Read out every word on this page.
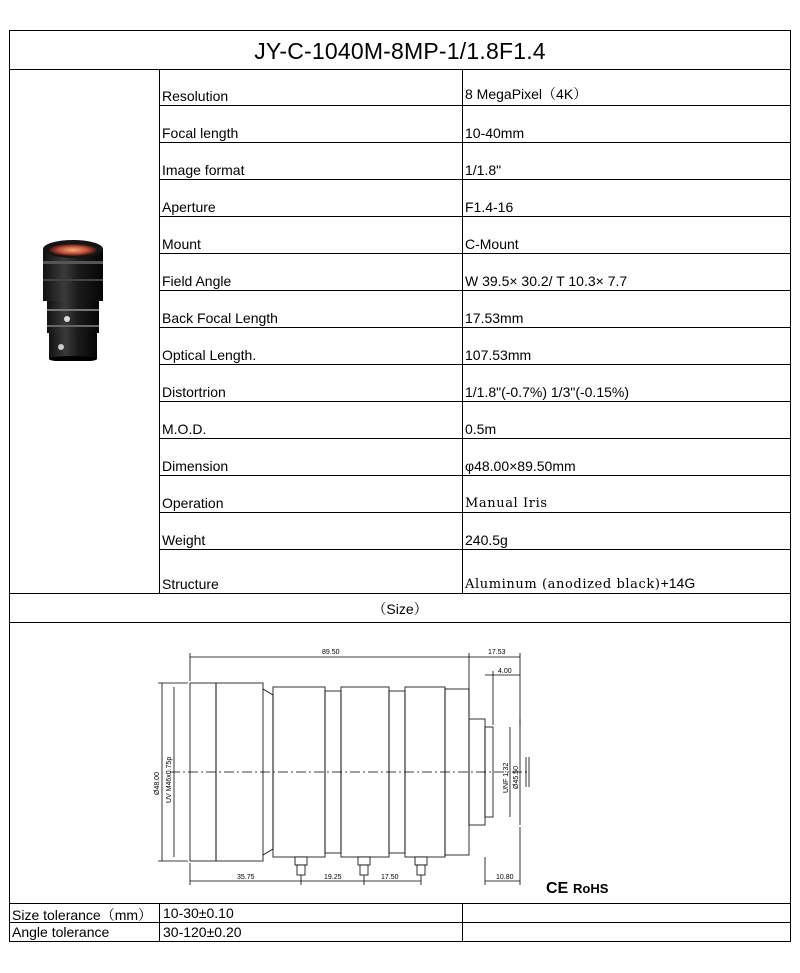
JY-C-1040M-8MP-1/1.8F1.4
Resolution	8 MegaPixel（4K）
Focal length	10-40mm
Image format	1/1.8"
Aperture	F1.4-16
Mount	C-Mount
Field Angle	W 39.5× 30.2/ T 10.3× 7.7
Back Focal Length	17.53mm
Optical Length.	107.53mm
Distortrion	1/1.8"(-0.7%) 1/3"(-0.15%)
M.O.D.	0.5m
Dimension	φ48.00×89.50mm
Operation	Manual Iris
Weight	240.5g
Structure	Aluminum (anodized black)+14G
（Size）
89.50	17.53
4.00
Ø48.00 UV M46x0.75p	UNF 1-32 Ø45.50
35.75	19.25	17.50	10.80
CE RoHS
Size tolerance（mm） 10-30±0.10
Angle tolerance	30-120±0.20
